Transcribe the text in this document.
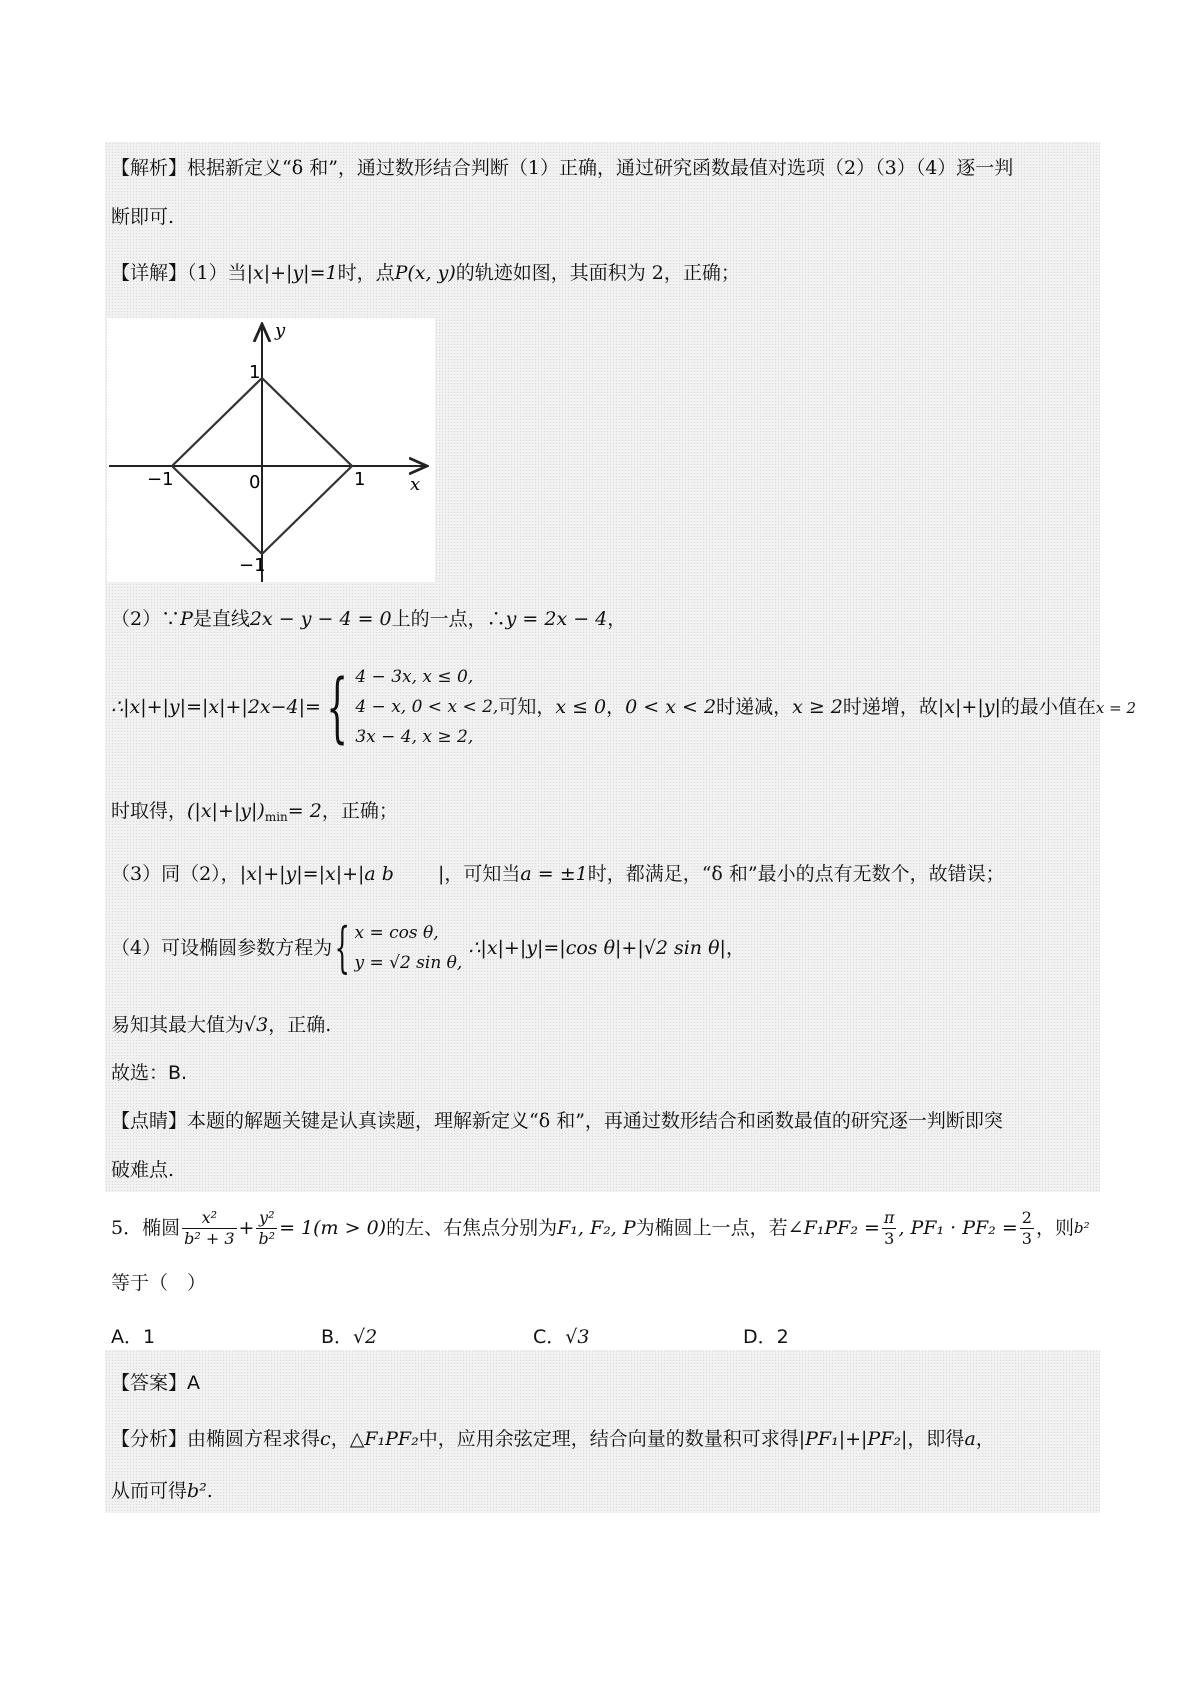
【解析】根据新定义“δ 和”，通过数形结合判断（1）正确，通过研究函数最值对选项（2）（3）（4）逐一判
断即可.
【详解】（1）当|x|+|y|=1时，点P(x, y)的轨迹如图，其面积为 2，正确；
y
x
1
−1	0	1
−1
（2）∵P是直线2x − y − 4 = 0上的一点，∴y = 2x − 4，
∴|x|+|y|=|x|+|2x−4|={ 4 − 3x, x ≤ 0,
4 − x, 0 < x < 2,
3x − 4, x ≥ 2,
可知，x ≤ 0，0 < x < 2时递减，x ≥ 2时递增，故|x|+|y|的最小值在x = 2
时取得，$(|x|+|y|)_{min}= 2$，正确；
（3）同（2），|x|+|y|=|x|+|a b |，可知当a = ±1时，都满足，“δ 和”最小的点有无数个，故错误；
（4）可设椭圆参数方程为{ x = cos θ,
y = √2 sin θ,
∴|x|+|y|=|cos θ|+|√2 sin θ|，
易知其最大值为√3，正确.
故选：B.
【点睛】本题的解题关键是认真读题，理解新定义“δ 和”，再通过数形结合和函数最值的研究逐一判断即突
破难点.
5．椭圆 $\frac{\text{x²}}{\text{b² + 3}} + \frac{\text{y²}}{\text{b²}} = 1(m > 0)$的左、右焦点分别为F₁, F₂, P为椭圆上一点，若∠F₁PF₂ = $\frac{\pi}{3}$ , $PF_1 \cdot PF_2 = \frac{2}{3}$ ，则b²
等于（　）
A．1	B．√2	C．√3	D．2
【答案】A
【分析】由椭圆方程求得c，△F₁PF₂中，应用余弦定理，结合向量的数量积可求得|PF₁|+|PF₂|，即得a，
从而可得b².
